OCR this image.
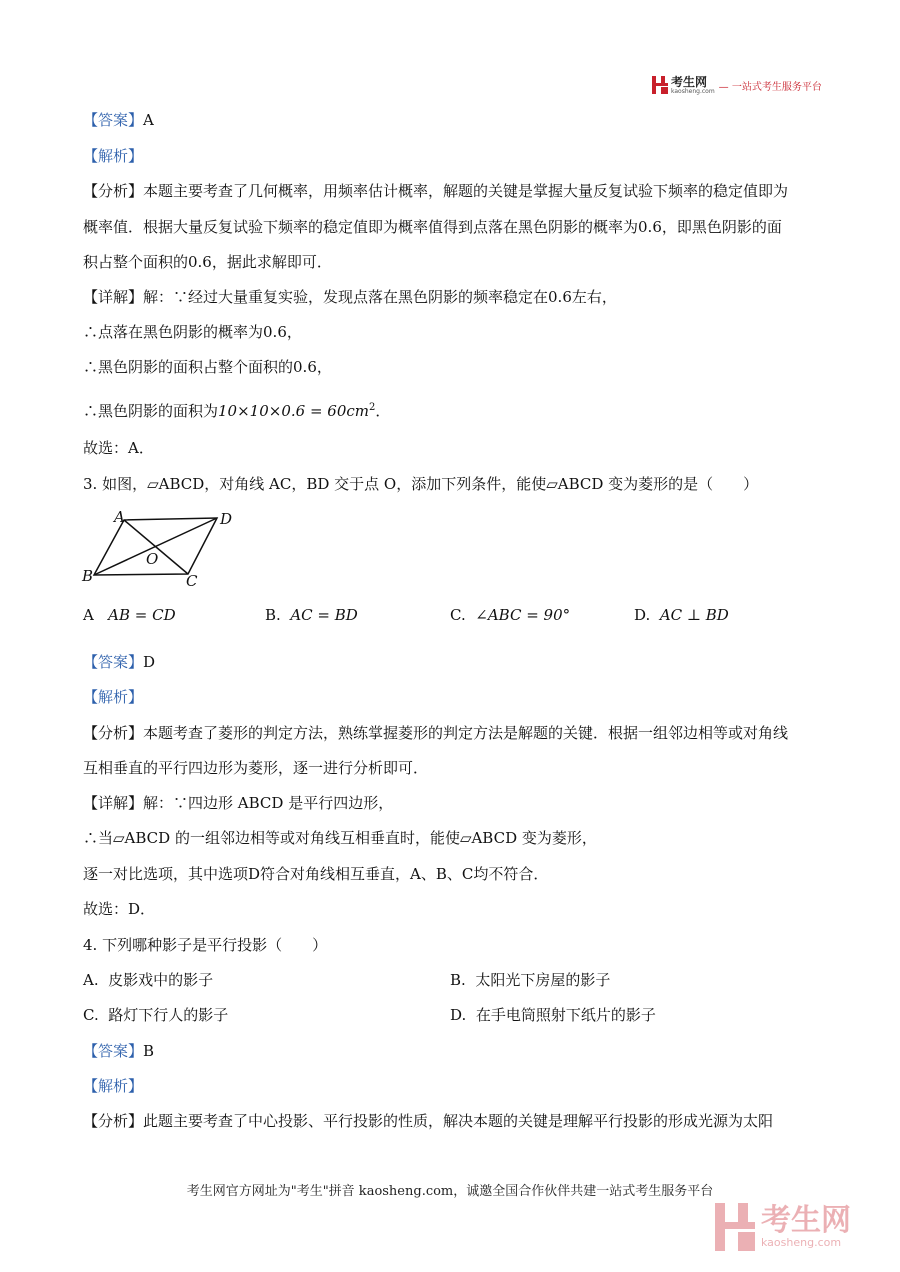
考生网
kaosheng.com — 一站式考生服务平台
【答案】A
【解析】
【分析】本题主要考查了几何概率，用频率估计概率，解题的关键是掌握大量反复试验下频率的稳定值即为
概率值．根据大量反复试验下频率的稳定值即为概率值得到点落在黑色阴影的概率为0.6，即黑色阴影的面
积占整个面积的0.6，据此求解即可．
【详解】解：∵经过大量重复实验，发现点落在黑色阴影的频率稳定在0.6左右，
∴点落在黑色阴影的概率为0.6，
∴黑色阴影的面积占整个面积的0.6，
∴黑色阴影的面积为$10\times 10\times 0.6 = 60cm^2$．
故选：A．
3. 如图，▱ABCD，对角线 AC，BD 交于点 O，添加下列条件，能使▱ABCD 变为菱形的是（　　）
A	D
B	C
O
A AB = CD	B. AC = BD	C. ∠ABC = 90°	D. AC ⊥ BD
【答案】D
【解析】
【分析】本题考查了菱形的判定方法，熟练掌握菱形的判定方法是解题的关键．根据一组邻边相等或对角线
互相垂直的平行四边形为菱形，逐一进行分析即可．
【详解】解：∵四边形 ABCD 是平行四边形，
∴当▱ABCD 的一组邻边相等或对角线互相垂直时，能使▱ABCD 变为菱形，
逐一对比选项，其中选项D符合对角线相互垂直，A、B、C均不符合．
故选：D．
4. 下列哪种影子是平行投影（　　）
A. 皮影戏中的影子	B. 太阳光下房屋的影子
C. 路灯下行人的影子	D. 在手电筒照射下纸片的影子
【答案】B
【解析】
【分析】此题主要考查了中心投影、平行投影的性质，解决本题的关键是理解平行投影的形成光源为太阳
考生网官方网址为"考生"拼音 kaosheng.com，诚邀全国合作伙伴共建一站式考生服务平台
考生网
kaosheng.com
